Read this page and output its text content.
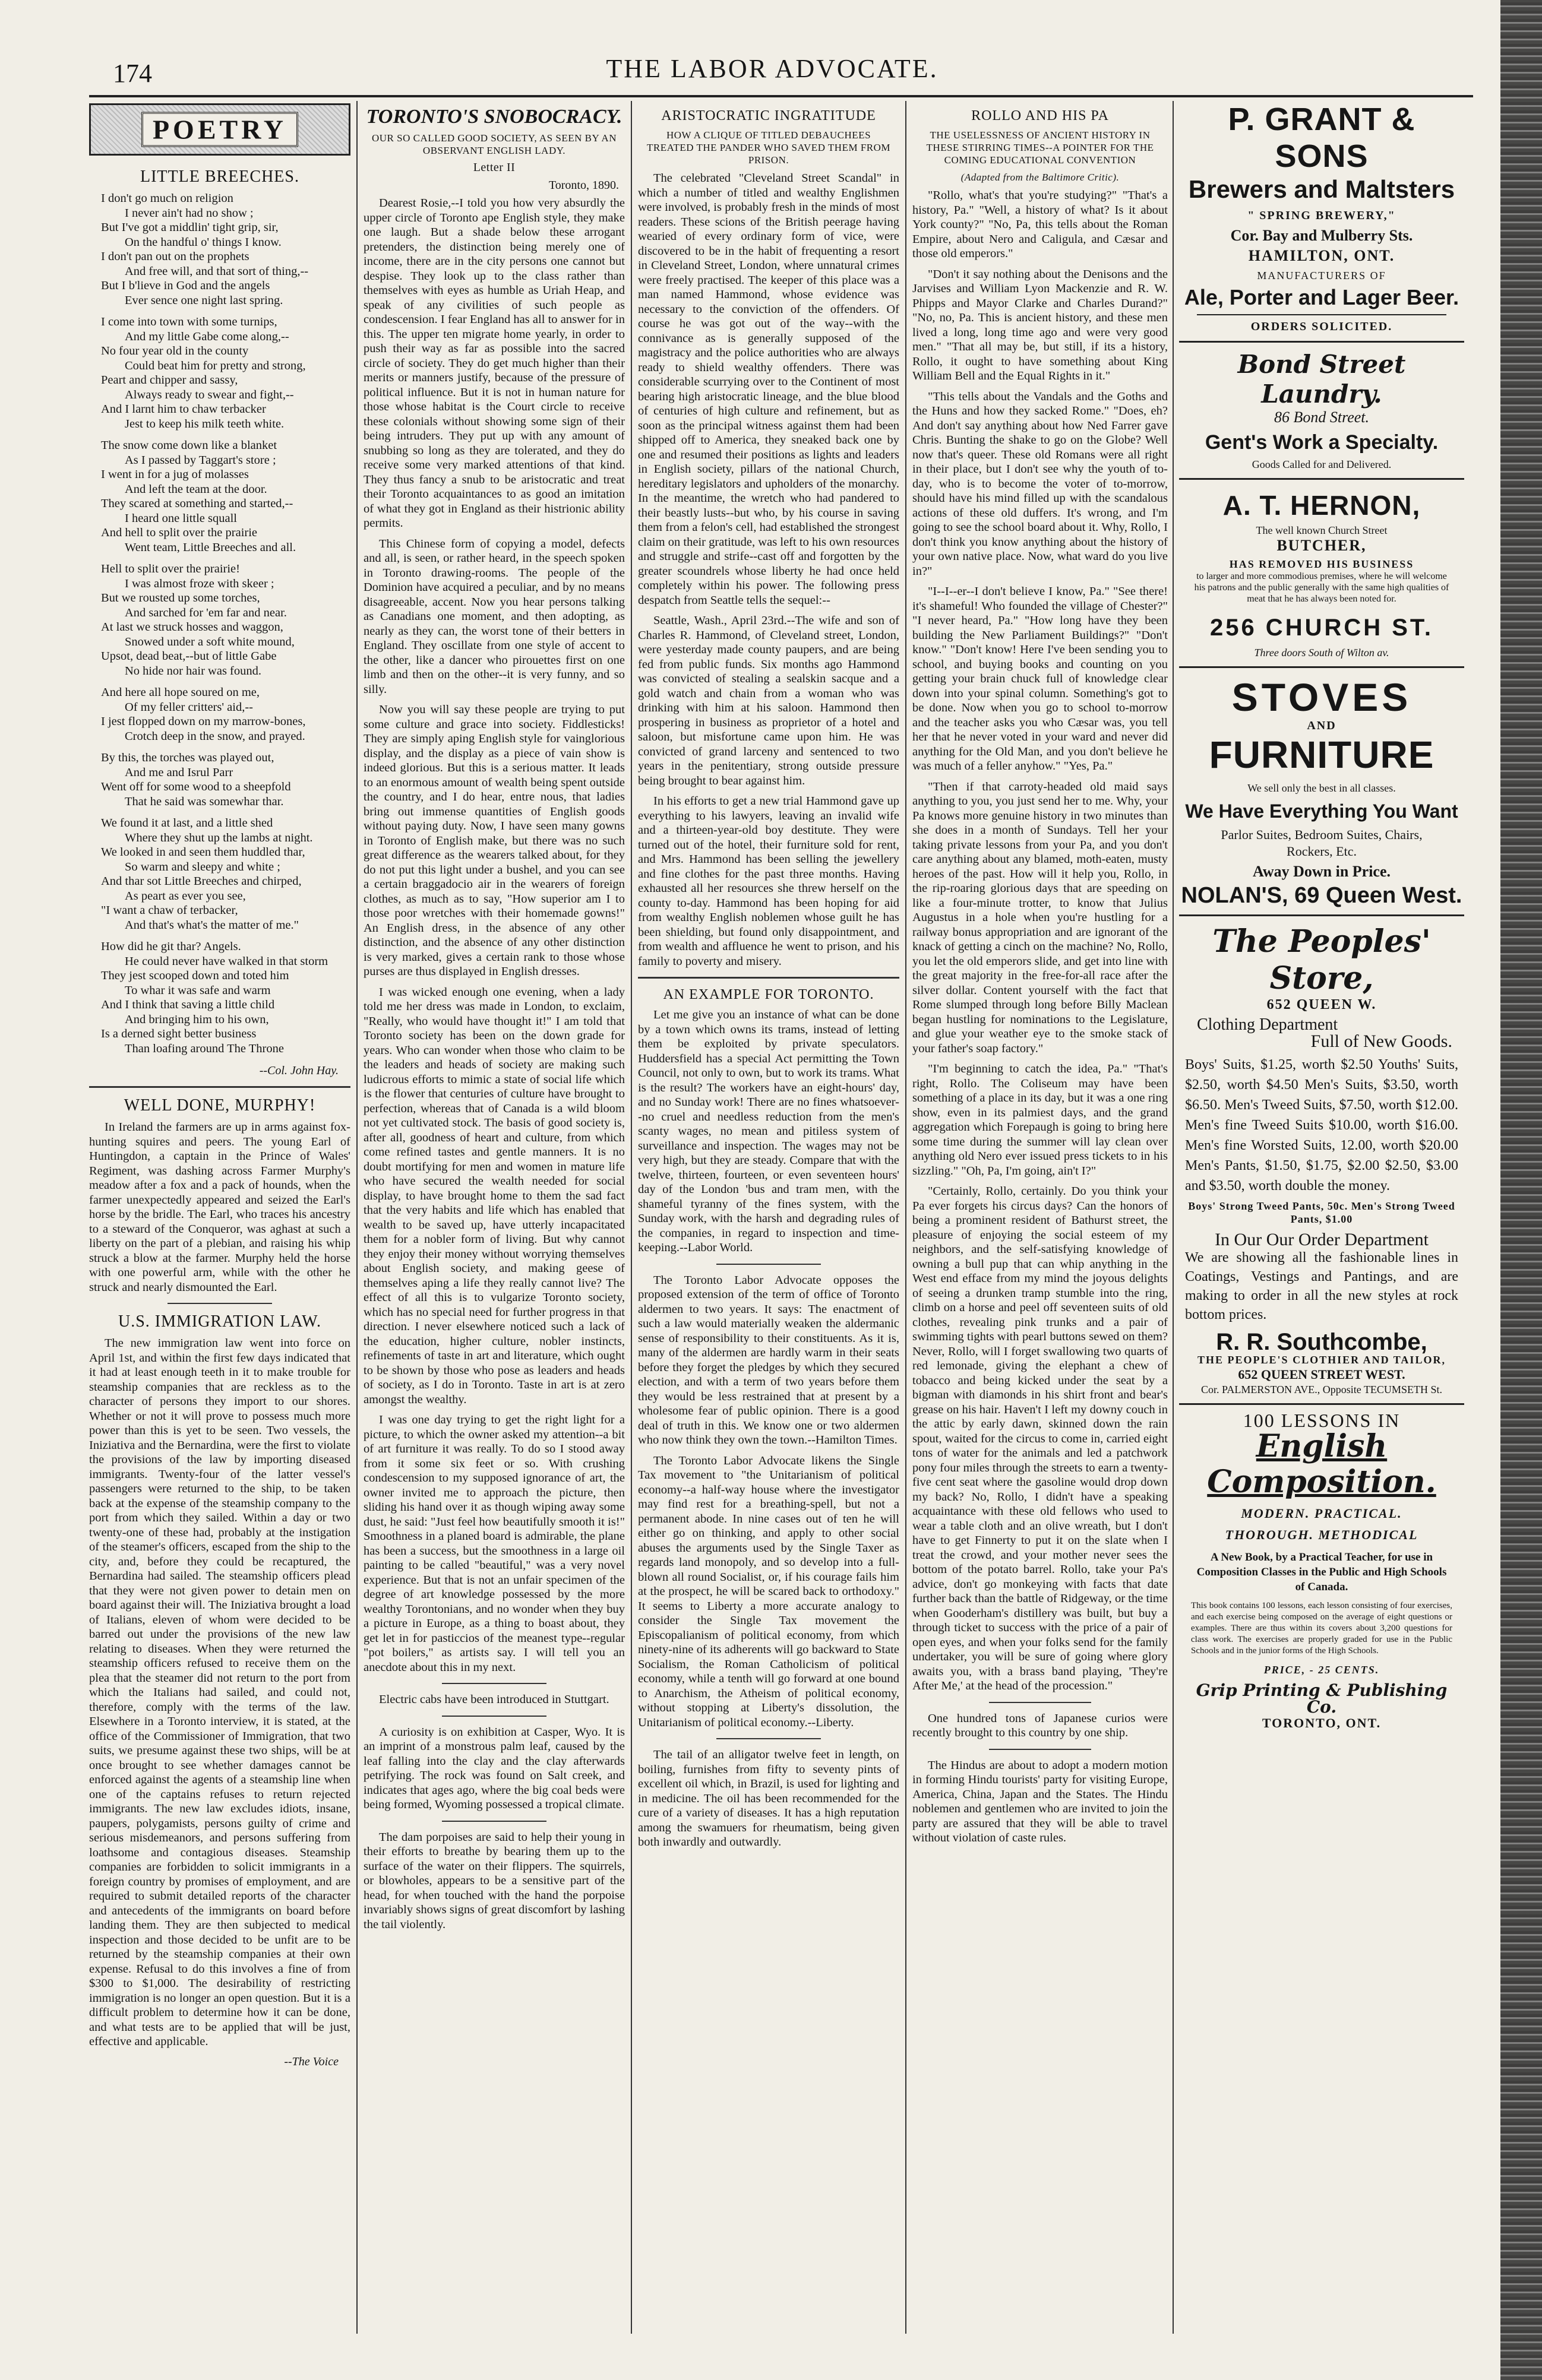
174	THE LABOR ADVOCATE.
POETRY
LITTLE BREECHES.
I don't go much on religion
I never ain't had no show ;
But I've got a middlin' tight grip, sir,
On the handful o' things I know.
I don't pan out on the prophets
And free will, and that sort of thing,--
But I b'lieve in God and the angels
Ever sence one night last spring.
I come into town with some turnips,
And my little Gabe come along,--
No four year old in the county
Could beat him for pretty and strong,
Peart and chipper and sassy,
Always ready to swear and fight,--
And I larnt him to chaw terbacker
Jest to keep his milk teeth white.
The snow come down like a blanket
As I passed by Taggart's store ;
I went in for a jug of molasses
And left the team at the door.
They scared at something and started,--
I heard one little squall
And hell to split over the prairie
Went team, Little Breeches and all.
Hell to split over the prairie!
I was almost froze with skeer ;
But we rousted up some torches,
And sarched for 'em far and near.
At last we struck hosses and waggon,
Snowed under a soft white mound,
Upsot, dead beat,--but of little Gabe
No hide nor hair was found.
And here all hope soured on me,
Of my feller critters' aid,--
I jest flopped down on my marrow-bones,
Crotch deep in the snow, and prayed.
By this, the torches was played out,
And me and Isrul Parr
Went off for some wood to a sheepfold
That he said was somewhar thar.
We found it at last, and a little shed
Where they shut up the lambs at night.
We looked in and seen them huddled thar,
So warm and sleepy and white ;
And thar sot Little Breeches and chirped,
As peart as ever you see,
"I want a chaw of terbacker,
And that's what's the matter of me."
How did he git thar? Angels.
He could never have walked in that storm
They jest scooped down and toted him
To whar it was safe and warm
And I think that saving a little child
And bringing him to his own,
Is a derned sight better business
Than loafing around The Throne
--Col. John Hay.
WELL DONE, MURPHY!

In Ireland the farmers are up in arms against fox-hunting squires and peers. The young Earl of Huntingdon, a captain in the Prince of Wales' Regiment, was dashing across Farmer Murphy's meadow after a fox and a pack of hounds, when the farmer unexpectedly appeared and seized the Earl's horse by the bridle. The Earl, who traces his ancestry to a steward of the Conqueror, was aghast at such a liberty on the part of a plebian, and raising his whip struck a blow at the farmer. Murphy held the horse with one powerful arm, while with the other he struck and nearly dismounted the Earl.

U.S. IMMIGRATION LAW.

The new immigration law went into force on April 1st, and within the first few days indicated that it had at least enough teeth in it to make trouble for steamship companies that are reckless as to the character of persons they import to our shores. Whether or not it will prove to possess much more power than this is yet to be seen. Two vessels, the Iniziativa and the Bernardina, were the first to violate the provisions of the law by importing diseased immigrants. Twenty-four of the latter vessel's passengers were returned to the ship, to be taken back at the expense of the steamship company to the port from which they sailed. Within a day or two twenty-one of these had, probably at the instigation of the steamer's officers, escaped from the ship to the city, and, before they could be recaptured, the Bernardina had sailed. The steamship officers plead that they were not given power to detain men on board against their will. The Iniziativa brought a load of Italians, eleven of whom were decided to be barred out under the provisions of the new law relating to diseases. When they were returned the steamship officers refused to receive them on the plea that the steamer did not return to the port from which the Italians had sailed, and could not, therefore, comply with the terms of the law. Elsewhere in a Toronto interview, it is stated, at the office of the Commissioner of Immigration, that two suits, we presume against these two ships, will be at once brought to see whether damages cannot be enforced against the agents of a steamship line when one of the captains refuses to return rejected immigrants. The new law excludes idiots, insane, paupers, polygamists, persons guilty of crime and serious misdemeanors, and persons suffering from loathsome and contagious diseases. Steamship companies are forbidden to solicit immigrants in a foreign country by promises of employment, and are required to submit detailed reports of the character and antecedents of the immigrants on board before landing them. They are then subjected to medical inspection and those decided to be unfit are to be returned by the steamship companies at their own expense. Refusal to do this involves a fine of from $300 to $1,000. The desirability of restricting immigration is no longer an open question. But it is a difficult problem to determine how it can be done, and what tests are to be applied that will be just, effective and applicable.

--The Voice
TORONTO'S SNOBOCRACY.
OUR SO CALLED GOOD SOCIETY, AS SEEN BY AN OBSERVANT ENGLISH LADY.
Letter II
Toronto, 1890.

Dearest Rosie,--I told you how very absurdly the upper circle of Toronto ape English style, they make one laugh. But a shade below these arrogant pretenders, the distinction being merely one of income, there are in the city persons one cannot but despise. They look up to the class rather than themselves with eyes as humble as Uriah Heap, and speak of any civilities of such people as condescension. I fear England has all to answer for in this. The upper ten migrate home yearly, in order to push their way as far as possible into the sacred circle of society. They do get much higher than their merits or manners justify, because of the pressure of political influence. But it is not in human nature for those whose habitat is the Court circle to receive these colonials without showing some sign of their being intruders. They put up with any amount of snubbing so long as they are tolerated, and they do receive some very marked attentions of that kind. They thus fancy a snub to be aristocratic and treat their Toronto acquaintances to as good an imitation of what they got in England as their histrionic ability permits.

This Chinese form of copying a model, defects and all, is seen, or rather heard, in the speech spoken in Toronto drawing-rooms. The people of the Dominion have acquired a peculiar, and by no means disagreeable, accent. Now you hear persons talking as Canadians one moment, and then adopting, as nearly as they can, the worst tone of their betters in England. They oscillate from one style of accent to the other, like a dancer who pirouettes first on one limb and then on the other--it is very funny, and so silly.

Now you will say these people are trying to put some culture and grace into society. Fiddlesticks! They are simply aping English style for vainglorious display, and the display as a piece of vain show is indeed glorious. But this is a serious matter. It leads to an enormous amount of wealth being spent outside the country, and I do hear, entre nous, that ladies bring out immense quantities of English goods without paying duty. Now, I have seen many gowns in Toronto of English make, but there was no such great difference as the wearers talked about, for they do not put this light under a bushel, and you can see a certain braggadocio air in the wearers of foreign clothes, as much as to say, "How superior am I to those poor wretches with their homemade gowns!" An English dress, in the absence of any other distinction, and the absence of any other distinction is very marked, gives a certain rank to those whose purses are thus displayed in English dresses.

I was wicked enough one evening, when a lady told me her dress was made in London, to exclaim, "Really, who would have thought it!" I am told that Toronto society has been on the down grade for years. Who can wonder when those who claim to be the leaders and heads of society are making such ludicrous efforts to mimic a state of social life which is the flower that centuries of culture have brought to perfection, whereas that of Canada is a wild bloom not yet cultivated stock. The basis of good society is, after all, goodness of heart and culture, from which come refined tastes and gentle manners. It is no doubt mortifying for men and women in mature life who have secured the wealth needed for social display, to have brought home to them the sad fact that the very habits and life which has enabled that wealth to be saved up, have utterly incapacitated them for a nobler form of living. But why cannot they enjoy their money without worrying themselves about English society, and making geese of themselves aping a life they really cannot live? The effect of all this is to vulgarize Toronto society, which has no special need for further progress in that direction. I never elsewhere noticed such a lack of the education, higher culture, nobler instincts, refinements of taste in art and literature, which ought to be shown by those who pose as leaders and heads of society, as I do in Toronto. Taste in art is at zero amongst the wealthy.

I was one day trying to get the right light for a picture, to which the owner asked my attention--a bit of art furniture it was really. To do so I stood away from it some six feet or so. With crushing condescension to my supposed ignorance of art, the owner invited me to approach the picture, then sliding his hand over it as though wiping away some dust, he said: "Just feel how beautifully smooth it is!" Smoothness in a planed board is admirable, the plane has been a success, but the smoothness in a large oil painting to be called "beautiful," was a very novel experience. But that is not an unfair specimen of the degree of art knowledge possessed by the more wealthy Torontonians, and no wonder when they buy a picture in Europe, as a thing to boast about, they get let in for pasticcios of the meanest type--regular "pot boilers," as artists say. I will tell you an anecdote about this in my next.

Electric cabs have been introduced in Stuttgart.

A curiosity is on exhibition at Casper, Wyo. It is an imprint of a monstrous palm leaf, caused by the leaf falling into the clay and the clay afterwards petrifying. The rock was found on Salt creek, and indicates that ages ago, where the big coal beds were being formed, Wyoming possessed a tropical climate.

The dam porpoises are said to help their young in their efforts to breathe by bearing them up to the surface of the water on their flippers. The squirrels, or blowholes, appears to be a sensitive part of the head, for when touched with the hand the porpoise invariably shows signs of great discomfort by lashing the tail violently.

ARISTOCRATIC INGRATITUDE
HOW A CLIQUE OF TITLED DEBAUCHEES TREATED THE PANDER WHO SAVED THEM FROM PRISON.

The celebrated "Cleveland Street Scandal" in which a number of titled and wealthy Englishmen were involved, is probably fresh in the minds of most readers. These scions of the British peerage having wearied of every ordinary form of vice, were discovered to be in the habit of frequenting a resort in Cleveland Street, London, where unnatural crimes were freely practised. The keeper of this place was a man named Hammond, whose evidence was necessary to the conviction of the offenders. Of course he was got out of the way--with the connivance as is generally supposed of the magistracy and the police authorities who are always ready to shield wealthy offenders. There was considerable scurrying over to the Continent of most bearing high aristocratic lineage, and the blue blood of centuries of high culture and refinement, but as soon as the principal witness against them had been shipped off to America, they sneaked back one by one and resumed their positions as lights and leaders in English society, pillars of the national Church, hereditary legislators and upholders of the monarchy. In the meantime, the wretch who had pandered to their beastly lusts--but who, by his course in saving them from a felon's cell, had established the strongest claim on their gratitude, was left to his own resources and struggle and strife--cast off and forgotten by the greater scoundrels whose liberty he had once held completely within his power. The following press despatch from Seattle tells the sequel:--

Seattle, Wash., April 23rd.--The wife and son of Charles R. Hammond, of Cleveland street, London, were yesterday made county paupers, and are being fed from public funds. Six months ago Hammond was convicted of stealing a sealskin sacque and a gold watch and chain from a woman who was drinking with him at his saloon. Hammond then prospering in business as proprietor of a hotel and saloon, but misfortune came upon him. He was convicted of grand larceny and sentenced to two years in the penitentiary, strong outside pressure being brought to bear against him.

In his efforts to get a new trial Hammond gave up everything to his lawyers, leaving an invalid wife and a thirteen-year-old boy destitute. They were turned out of the hotel, their furniture sold for rent, and Mrs. Hammond has been selling the jewellery and fine clothes for the past three months. Having exhausted all her resources she threw herself on the county to-day. Hammond has been hoping for aid from wealthy English noblemen whose guilt he has been shielding, but found only disappointment, and from wealth and affluence he went to prison, and his family to poverty and misery.

AN EXAMPLE FOR TORONTO.

Let me give you an instance of what can be done by a town which owns its trams, instead of letting them be exploited by private speculators. Huddersfield has a special Act permitting the Town Council, not only to own, but to work its trams. What is the result? The workers have an eight-hours' day, and no Sunday work! There are no fines whatsoever--no cruel and needless reduction from the men's scanty wages, no mean and pitiless system of surveillance and inspection. The wages may not be very high, but they are steady. Compare that with the twelve, thirteen, fourteen, or even seventeen hours' day of the London 'bus and tram men, with the shameful tyranny of the fines system, with the Sunday work, with the harsh and degrading rules of the companies, in regard to inspection and time-keeping.--Labor World.

The Toronto Labor Advocate opposes the proposed extension of the term of office of Toronto aldermen to two years. It says: The enactment of such a law would materially weaken the aldermanic sense of responsibility to their constituents. As it is, many of the aldermen are hardly warm in their seats before they forget the pledges by which they secured election, and with a term of two years before them they would be less restrained that at present by a wholesome fear of public opinion. There is a good deal of truth in this. We know one or two aldermen who now think they own the town.--Hamilton Times.

The Toronto Labor Advocate likens the Single Tax movement to "the Unitarianism of political economy--a half-way house where the investigator may find rest for a breathing-spell, but not a permanent abode. In nine cases out of ten he will either go on thinking, and apply to other social abuses the arguments used by the Single Taxer as regards land monopoly, and so develop into a full-blown all round Socialist, or, if his courage fails him at the prospect, he will be scared back to orthodoxy." It seems to Liberty a more accurate analogy to consider the Single Tax movement the Episcopalianism of political economy, from which ninety-nine of its adherents will go backward to State Socialism, the Roman Catholicism of political economy, while a tenth will go forward at one bound to Anarchism, the Atheism of political economy, without stopping at Liberty's dissolution, the Unitarianism of political economy.--Liberty.

The tail of an alligator twelve feet in length, on boiling, furnishes from fifty to seventy pints of excellent oil which, in Brazil, is used for lighting and in medicine. The oil has been recommended for the cure of a variety of diseases. It has a high reputation among the swamuers for rheumatism, being given both inwardly and outwardly.

ROLLO AND HIS PA
THE USELESSNESS OF ANCIENT HISTORY IN THESE STIRRING TIMES--A POINTER FOR THE COMING EDUCATIONAL CONVENTION
(Adapted from the Baltimore Critic).

"Rollo, what's that you're studying?" "That's a history, Pa." "Well, a history of what? Is it about York county?" "No, Pa, this tells about the Roman Empire, about Nero and Caligula, and Cæsar and those old emperors."

"Don't it say nothing about the Denisons and the Jarvises and William Lyon Mackenzie and R. W. Phipps and Mayor Clarke and Charles Durand?" "No, no, Pa. This is ancient history, and these men lived a long, long time ago and were very good men." "That all may be, but still, if its a history, Rollo, it ought to have something about King William Bell and the Equal Rights in it."

"This tells about the Vandals and the Goths and the Huns and how they sacked Rome." "Does, eh? And don't say anything about how Ned Farrer gave Chris. Bunting the shake to go on the Globe? Well now that's queer. These old Romans were all right in their place, but I don't see why the youth of to-day, who is to become the voter of to-morrow, should have his mind filled up with the scandalous actions of these old duffers. It's wrong, and I'm going to see the school board about it. Why, Rollo, I don't think you know anything about the history of your own native place. Now, what ward do you live in?"

"I--I--er--I don't believe I know, Pa." "See there! it's shameful! Who founded the village of Chester?" "I never heard, Pa." "How long have they been building the New Parliament Buildings?" "Don't know." "Don't know! Here I've been sending you to school, and buying books and counting on you getting your brain chuck full of knowledge clear down into your spinal column. Something's got to be done. Now when you go to school to-morrow and the teacher asks you who Cæsar was, you tell her that he never voted in your ward and never did anything for the Old Man, and you don't believe he was much of a feller anyhow." "Yes, Pa."

"Then if that carroty-headed old maid says anything to you, you just send her to me. Why, your Pa knows more genuine history in two minutes than she does in a month of Sundays. Tell her your taking private lessons from your Pa, and you don't care anything about any blamed, moth-eaten, musty heroes of the past. How will it help you, Rollo, in the rip-roaring glorious days that are speeding on like a four-minute trotter, to know that Julius Augustus in a hole when you're hustling for a railway bonus appropriation and are ignorant of the knack of getting a cinch on the machine? No, Rollo, you let the old emperors slide, and get into line with the great majority in the free-for-all race after the silver dollar. Content yourself with the fact that Rome slumped through long before Billy Maclean began hustling for nominations to the Legislature, and glue your weather eye to the smoke stack of your father's soap factory."

"I'm beginning to catch the idea, Pa." "That's right, Rollo. The Coliseum may have been something of a place in its day, but it was a one ring show, even in its palmiest days, and the grand aggregation which Forepaugh is going to bring here some time during the summer will lay clean over anything old Nero ever issued press tickets to in his sizzling." "Oh, Pa, I'm going, ain't I?"

"Certainly, Rollo, certainly. Do you think your Pa ever forgets his circus days? Can the honors of being a prominent resident of Bathurst street, the pleasure of enjoying the social esteem of my neighbors, and the self-satisfying knowledge of owning a bull pup that can whip anything in the West end efface from my mind the joyous delights of seeing a drunken tramp stumble into the ring, climb on a horse and peel off seventeen suits of old clothes, revealing pink trunks and a pair of swimming tights with pearl buttons sewed on them? Never, Rollo, will I forget swallowing two quarts of red lemonade, giving the elephant a chew of tobacco and being kicked under the seat by a bigman with diamonds in his shirt front and bear's grease on his hair. Haven't I left my downy couch in the attic by early dawn, skinned down the rain spout, waited for the circus to come in, carried eight tons of water for the animals and led a patchwork pony four miles through the streets to earn a twenty-five cent seat where the gasoline would drop down my back? No, Rollo, I didn't have a speaking acquaintance with these old fellows who used to wear a table cloth and an olive wreath, but I don't have to get Finnerty to put it on the slate when I treat the crowd, and your mother never sees the bottom of the potato barrel. Rollo, take your Pa's advice, don't go monkeying with facts that date further back than the battle of Ridgeway, or the time when Gooderham's distillery was built, but buy a through ticket to success with the price of a pair of open eyes, and when your folks send for the family undertaker, you will be sure of going where glory awaits you, with a brass band playing, 'They're After Me,' at the head of the procession."

One hundred tons of Japanese curios were recently brought to this country by one ship.

The Hindus are about to adopt a modern motion in forming Hindu tourists' party for visiting Europe, America, China, Japan and the States. The Hindu noblemen and gentlemen who are invited to join the party are assured that they will be able to travel without violation of caste rules.

P. GRANT & SONS
Brewers and Maltsters
" SPRING BREWERY,"
Cor. Bay and Mulberry Sts.
HAMILTON, ONT.
MANUFACTURERS OF
Ale, Porter and Lager Beer.
ORDERS SOLICITED.
Bond Street Laundry.
86 Bond Street.
Gent's Work a Specialty.
Goods Called for and Delivered.
A. T. HERNON,
The well known Church Street
BUTCHER,
HAS REMOVED HIS BUSINESS
to larger and more commodious premises, where he will welcome his patrons and the public generally with the same high qualities of meat that he has always been noted for.
256 CHURCH ST.
Three doors South of Wilton av.
STOVES
AND
FURNITURE
We sell only the best in all classes.
We Have Everything You Want
Parlor Suites, Bedroom Suites, Chairs, Rockers, Etc.
Away Down in Price.
NOLAN'S, 69 Queen West.
The Peoples' Store,
652 QUEEN W.
Clothing Department
Full of New Goods.
Boys' Suits, $1.25, worth $2.50 Youths' Suits, $2.50, worth $4.50 Men's Suits, $3.50, worth $6.50. Men's Tweed Suits, $7.50, worth $12.00. Men's fine Tweed Suits $10.00, worth $16.00. Men's fine Worsted Suits, 12.00, worth $20.00 Men's Pants, $1.50, $1.75, $2.00 $2.50, $3.00 and $3.50, worth double the money.
Boys' Strong Tweed Pants, 50c. Men's Strong Tweed Pants, $1.00
In Our Our Order Department
We are showing all the fashionable lines in Coatings, Vestings and Pantings, and are making to order in all the new styles at rock bottom prices.
R. R. Southcombe,
THE PEOPLE'S CLOTHIER AND TAILOR,
652 QUEEN STREET WEST.
Cor. PALMERSTON AVE., Opposite TECUMSETH St.
100 LESSONS IN
English Composition.
MODERN. PRACTICAL.
THOROUGH. METHODICAL
A New Book, by a Practical Teacher, for use in Composition Classes in the Public and High Schools of Canada.
This book contains 100 lessons, each lesson consisting of four exercises, and each exercise being composed on the average of eight questions or examples. There are thus within its covers about 3,200 questions for class work. The exercises are properly graded for use in the Public Schools and in the junior forms of the High Schools.
PRICE, - 25 CENTS.
Grip Printing & Publishing Co.
TORONTO, ONT.
